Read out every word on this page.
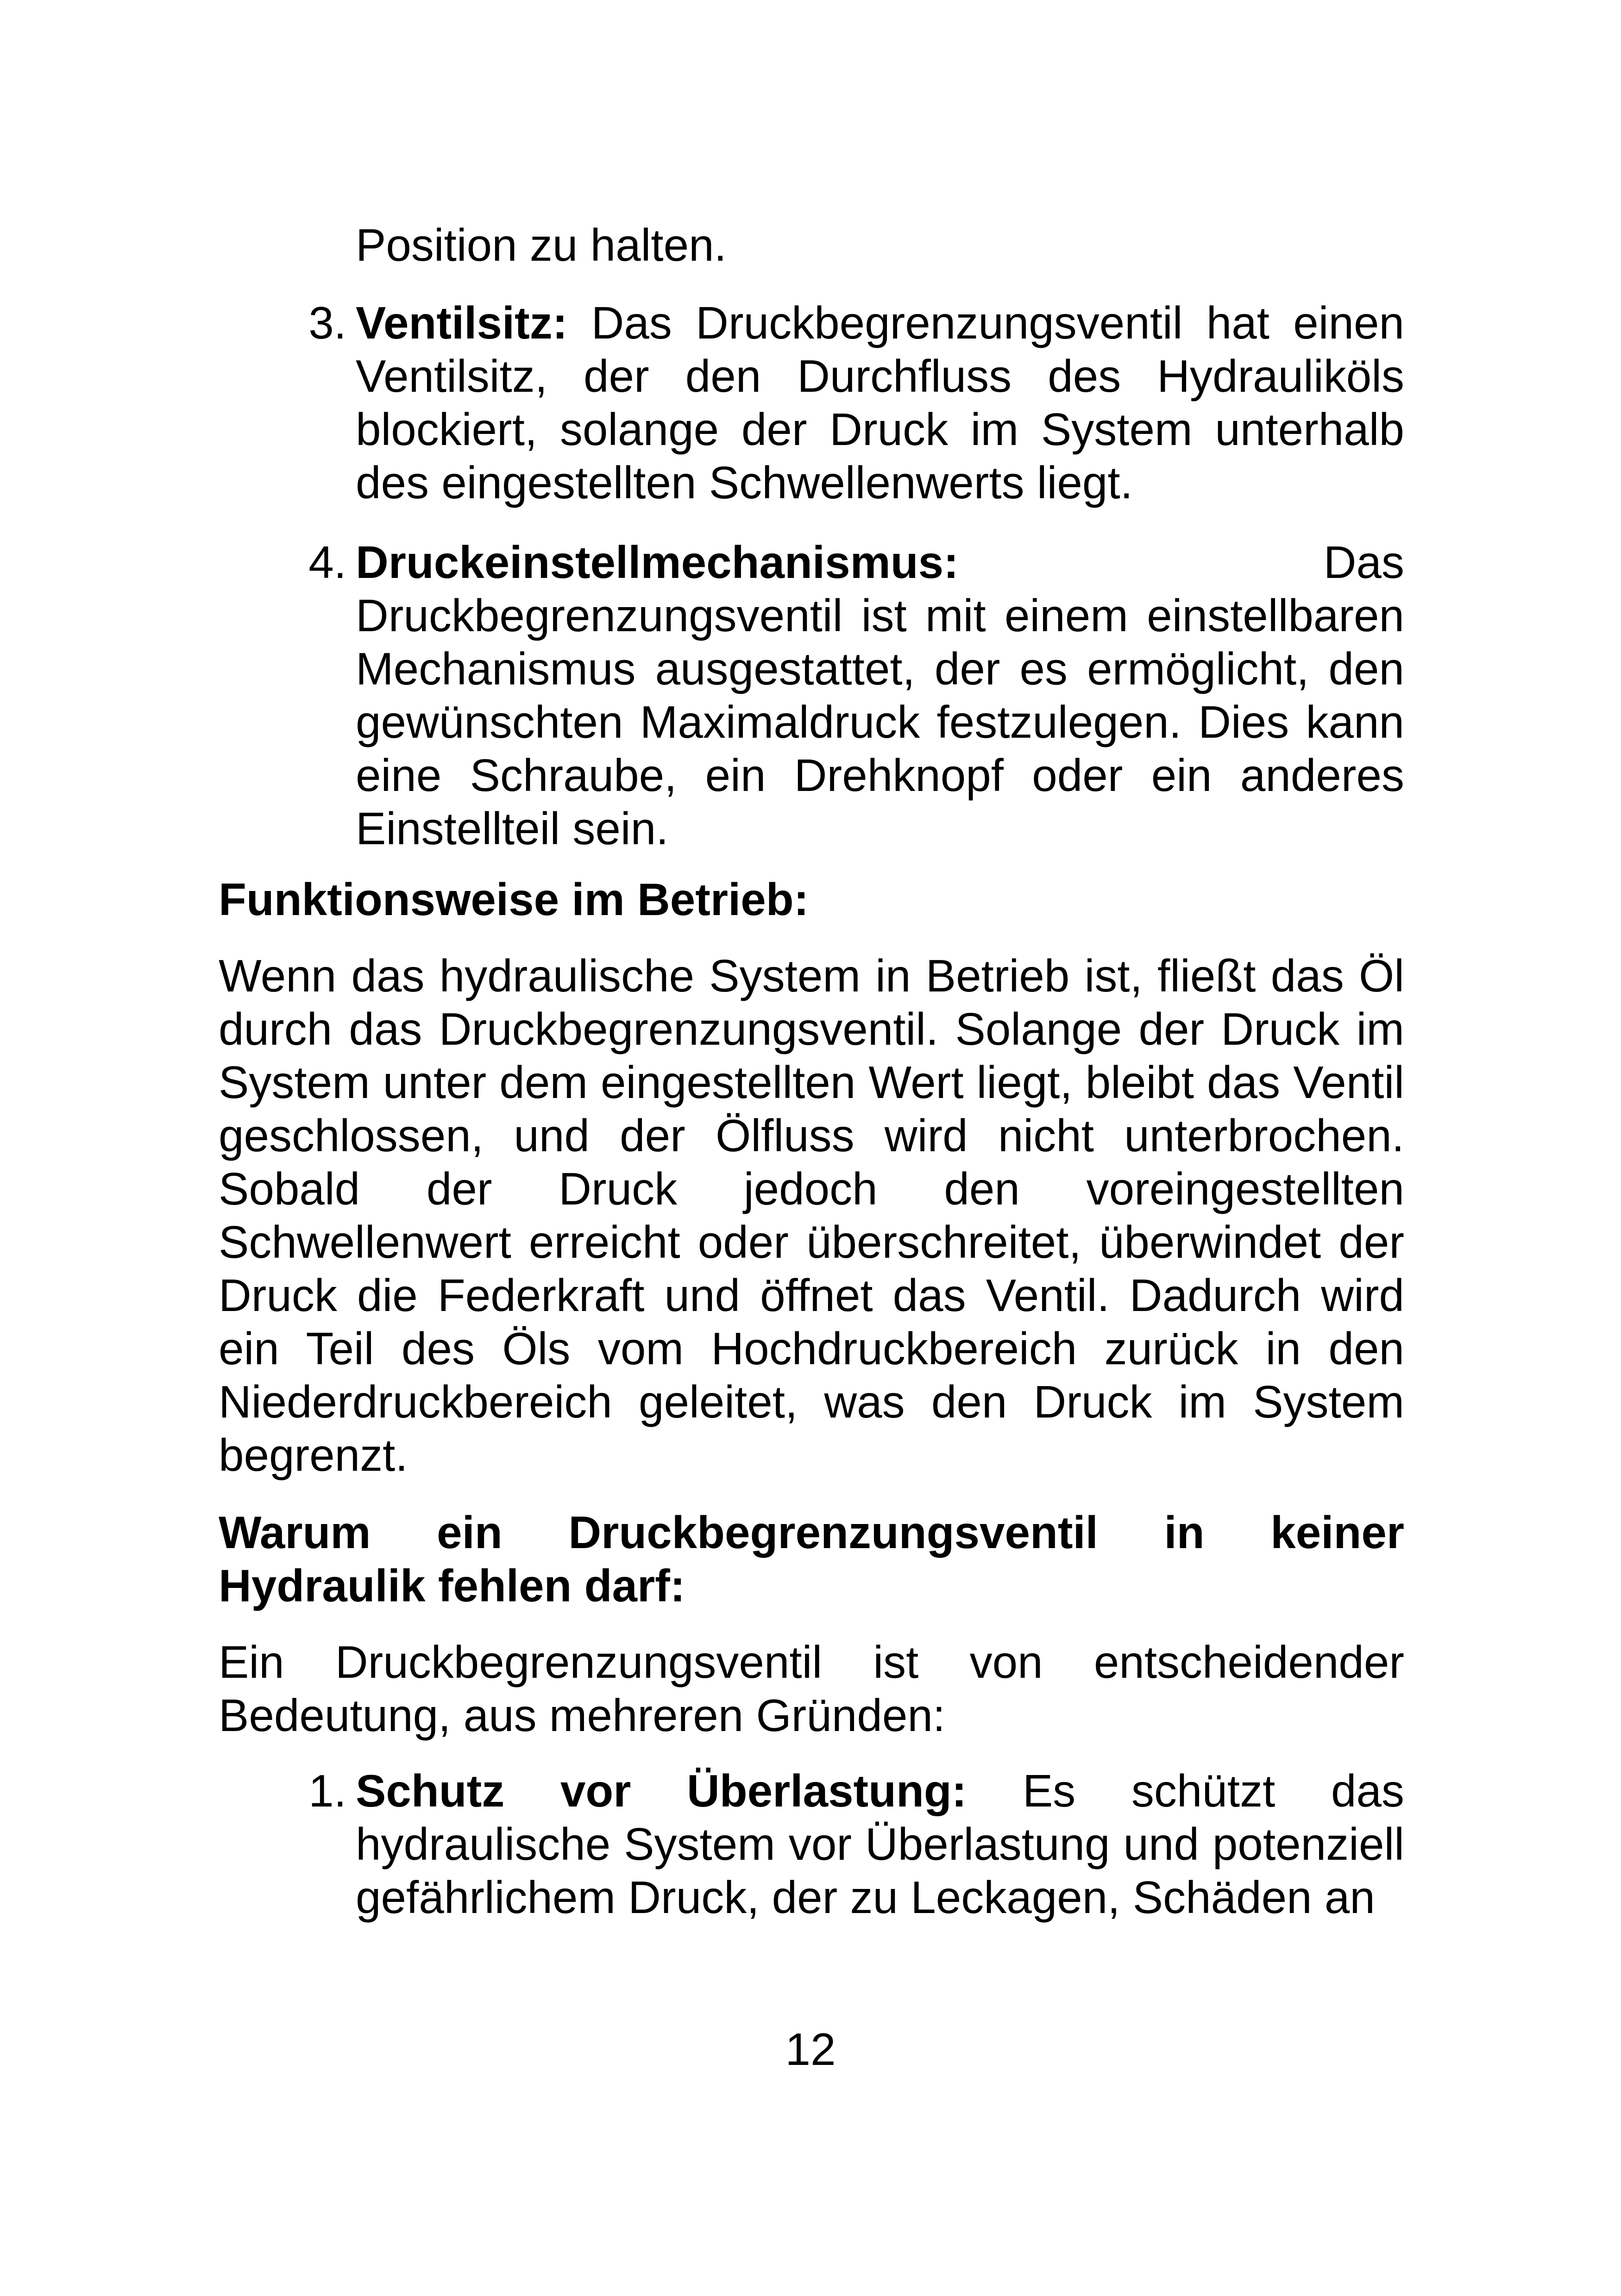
Position zu halten.
3. Ventilsitz: Das Druckbegrenzungsventil hat einen Ventilsitz, der den Durchfluss des Hydrauliköls blockiert, solange der Druck im System unterhalb des eingestellten Schwellenwerts liegt.
4. Druckeinstellmechanismus: Das Druckbegrenzungsventil ist mit einem einstellbaren Mechanismus ausgestattet, der es ermöglicht, den gewünschten Maximaldruck festzulegen. Dies kann eine Schraube, ein Drehknopf oder ein anderes Einstellteil sein.
Funktionsweise im Betrieb:

Wenn das hydraulische System in Betrieb ist, fließt das Öl durch das Druckbegrenzungsventil. Solange der Druck im System unter dem eingestellten Wert liegt, bleibt das Ventil geschlossen, und der Ölfluss wird nicht unterbrochen. Sobald der Druck jedoch den voreingestellten Schwellenwert erreicht oder überschreitet, überwindet der Druck die Federkraft und öffnet das Ventil. Dadurch wird ein Teil des Öls vom Hochdruckbereich zurück in den Niederdruckbereich geleitet, was den Druck im System begrenzt.

Warum ein Druckbegrenzungsventil in keiner Hydraulik fehlen darf:

Ein Druckbegrenzungsventil ist von entscheidender Bedeutung, aus mehreren Gründen:

1. Schutz vor Überlastung: Es schützt das hydraulische System vor Überlastung und potenziell gefährlichem Druck, der zu Leckagen, Schäden an
12
